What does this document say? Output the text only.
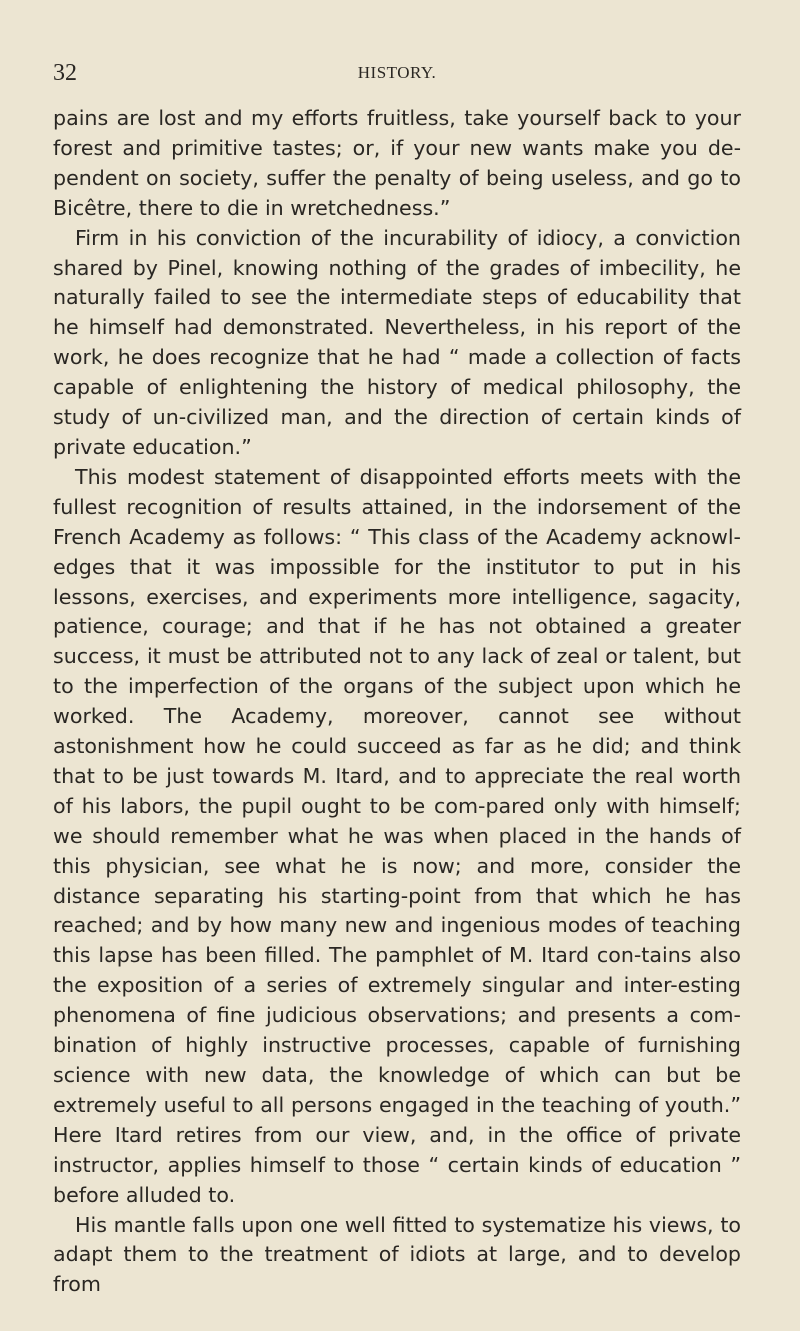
32	HISTORY.

pains are lost and my efforts fruitless, take yourself back to your forest and primitive tastes; or, if your new wants make you de-pendent on society, suffer the penalty of being useless, and go to Bicêtre, there to die in wretchedness.”

Firm in his conviction of the incurability of idiocy, a conviction shared by Pinel, knowing nothing of the grades of imbecility, he naturally failed to see the intermediate steps of educability that he himself had demonstrated. Nevertheless, in his report of the work, he does recognize that he had “ made a collection of facts capable of enlightening the history of medical philosophy, the study of un-civilized man, and the direction of certain kinds of private education.”

This modest statement of disappointed efforts meets with the fullest recognition of results attained, in the indorsement of the French Academy as follows: “ This class of the Academy acknowl-edges that it was impossible for the institutor to put in his lessons, exercises, and experiments more intelligence, sagacity, patience, courage; and that if he has not obtained a greater success, it must be attributed not to any lack of zeal or talent, but to the imperfection of the organs of the subject upon which he worked. The Academy, moreover, cannot see without astonishment how he could succeed as far as he did; and think that to be just towards M. Itard, and to appreciate the real worth of his labors, the pupil ought to be com-pared only with himself; we should remember what he was when placed in the hands of this physician, see what he is now; and more, consider the distance separating his starting-point from that which he has reached; and by how many new and ingenious modes of teaching this lapse has been filled. The pamphlet of M. Itard con-tains also the exposition of a series of extremely singular and inter-esting phenomena of fine judicious observations; and presents a com-bination of highly instructive processes, capable of furnishing science with new data, the knowledge of which can but be extremely useful to all persons engaged in the teaching of youth.” Here Itard retires from our view, and, in the office of private instructor, applies himself to those “ certain kinds of education ” before alluded to.

His mantle falls upon one well fitted to systematize his views, to adapt them to the treatment of idiots at large, and to develop from
